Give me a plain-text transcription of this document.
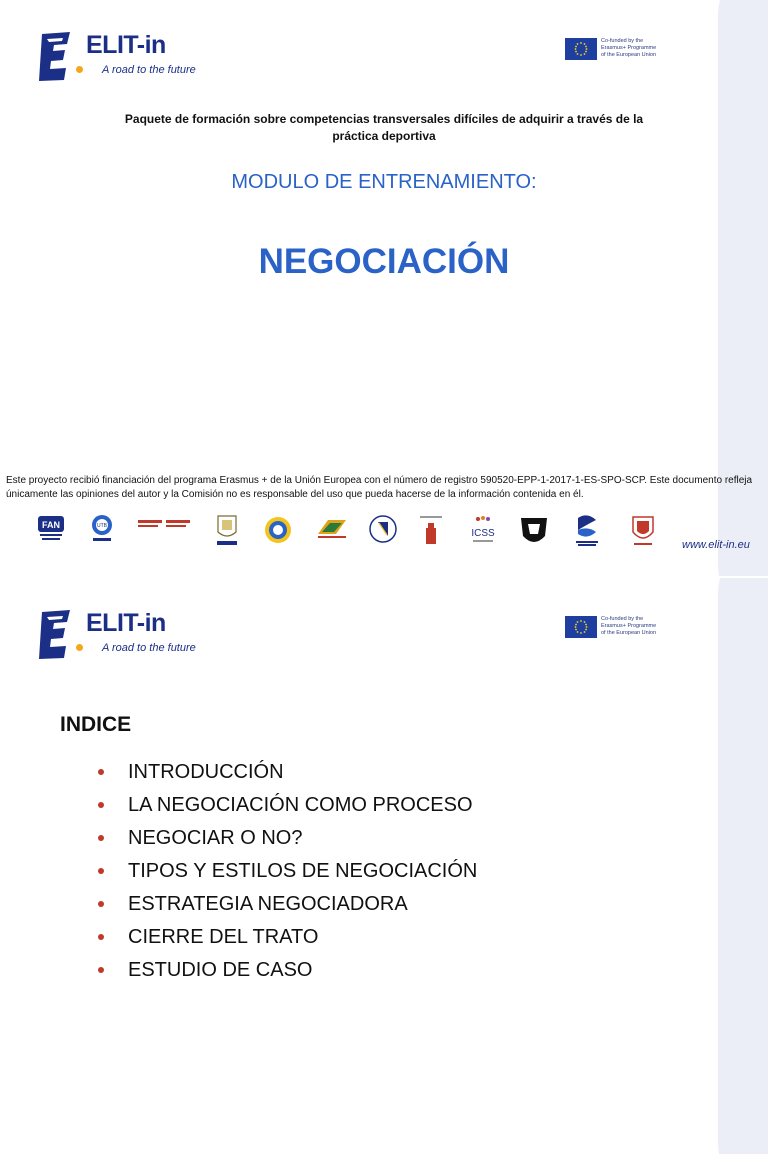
ELIT-in
A road to the future
Co-funded by the
Erasmus+ Programme
of the European Union
Paquete de formación sobre competencias transversales difíciles de adquirir a través de la práctica deportiva
MODULO DE ENTRENAMIENTO:
NEGOCIACIÓN
Este proyecto recibió financiación del programa Erasmus + de la Unión Europea con el número de registro 590520-EPP-1-2017-1-ES-SPO-SCP. Este documento refleja únicamente las opiniones del autor y la Comisión no es responsable del uso que pueda hacerse de la información contenida en él.
FAN	UTB
ICSS
www.elit-in.eu
ELIT-in
A road to the future
Co-funded by the
Erasmus+ Programme
of the European Union
INDICE
INTRODUCCIÓN
LA NEGOCIACIÓN COMO PROCESO
NEGOCIAR O NO?
TIPOS Y ESTILOS DE NEGOCIACIÓN
ESTRATEGIA NEGOCIADORA
CIERRE DEL TRATO
ESTUDIO DE CASO
